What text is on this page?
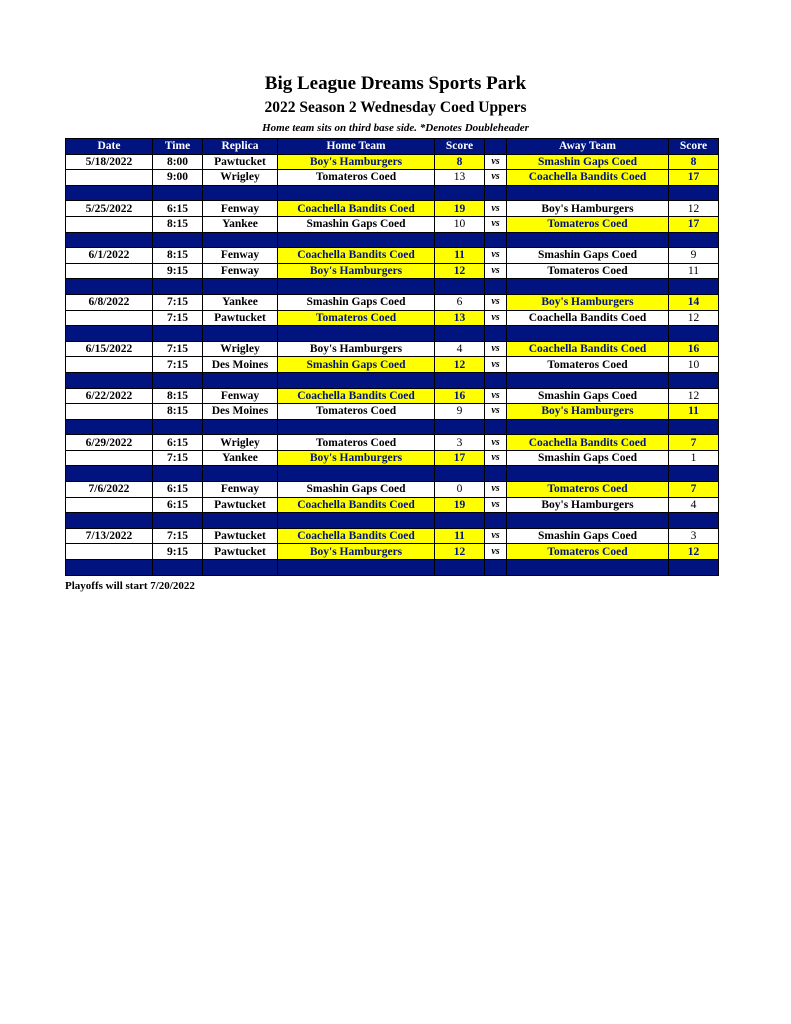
Big League Dreams Sports Park
2022 Season 2 Wednesday Coed Uppers
Home team sits on third base side. *Denotes Doubleheader
Date	Time	Replica	Home Team	Score		Away Team	Score
5/18/2022	8:00	Pawtucket	Boy's Hamburgers	8	vs	Smashin Gaps Coed	8
	9:00	Wrigley	Tomateros Coed	13	vs	Coachella Bandits Coed	17

5/25/2022	6:15	Fenway	Coachella Bandits Coed	19	vs	Boy's Hamburgers	12
	8:15	Yankee	Smashin Gaps Coed	10	vs	Tomateros Coed	17

6/1/2022	8:15	Fenway	Coachella Bandits Coed	11	vs	Smashin Gaps Coed	9
	9:15	Fenway	Boy's Hamburgers	12	vs	Tomateros Coed	11

6/8/2022	7:15	Yankee	Smashin Gaps Coed	6	vs	Boy's Hamburgers	14
	7:15	Pawtucket	Tomateros Coed	13	vs	Coachella Bandits Coed	12

6/15/2022	7:15	Wrigley	Boy's Hamburgers	4	vs	Coachella Bandits Coed	16
	7:15	Des Moines	Smashin Gaps Coed	12	vs	Tomateros Coed	10

6/22/2022	8:15	Fenway	Coachella Bandits Coed	16	vs	Smashin Gaps Coed	12
	8:15	Des Moines	Tomateros Coed	9	vs	Boy's Hamburgers	11

6/29/2022	6:15	Wrigley	Tomateros Coed	3	vs	Coachella Bandits Coed	7
	7:15	Yankee	Boy's Hamburgers	17	vs	Smashin Gaps Coed	1

7/6/2022	6:15	Fenway	Smashin Gaps Coed	0	vs	Tomateros Coed	7
	6:15	Pawtucket	Coachella Bandits Coed	19	vs	Boy's Hamburgers	4

7/13/2022	7:15	Pawtucket	Coachella Bandits Coed	11	vs	Smashin Gaps Coed	3
	9:15	Pawtucket	Boy's Hamburgers	12	vs	Tomateros Coed	12

Playoffs will start 7/20/2022
